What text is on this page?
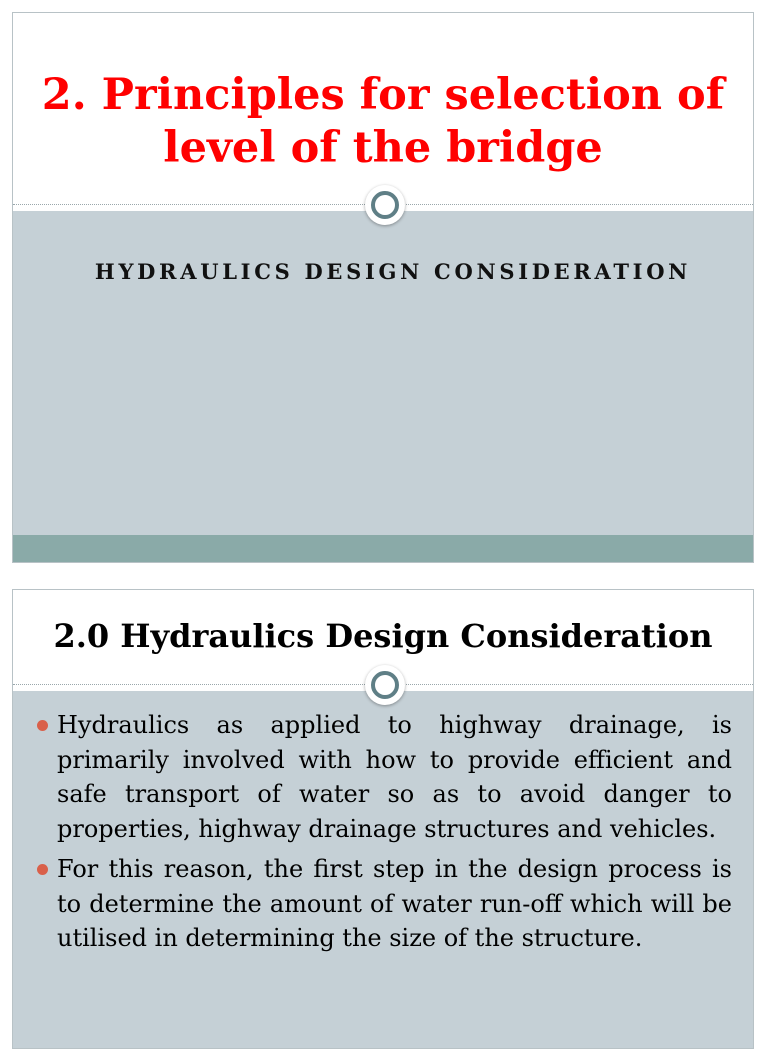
2. Principles for selection of level of the bridge
HYDRAULICS DESIGN CONSIDERATION
2.0 Hydraulics Design Consideration
Hydraulics as applied to highway drainage, is primarily involved with how to provide efficient and safe transport of water so as to avoid danger to properties, highway drainage structures and vehicles.
For this reason, the first step in the design process is to determine the amount of water run-off which will be utilised in determining the size of the structure.
